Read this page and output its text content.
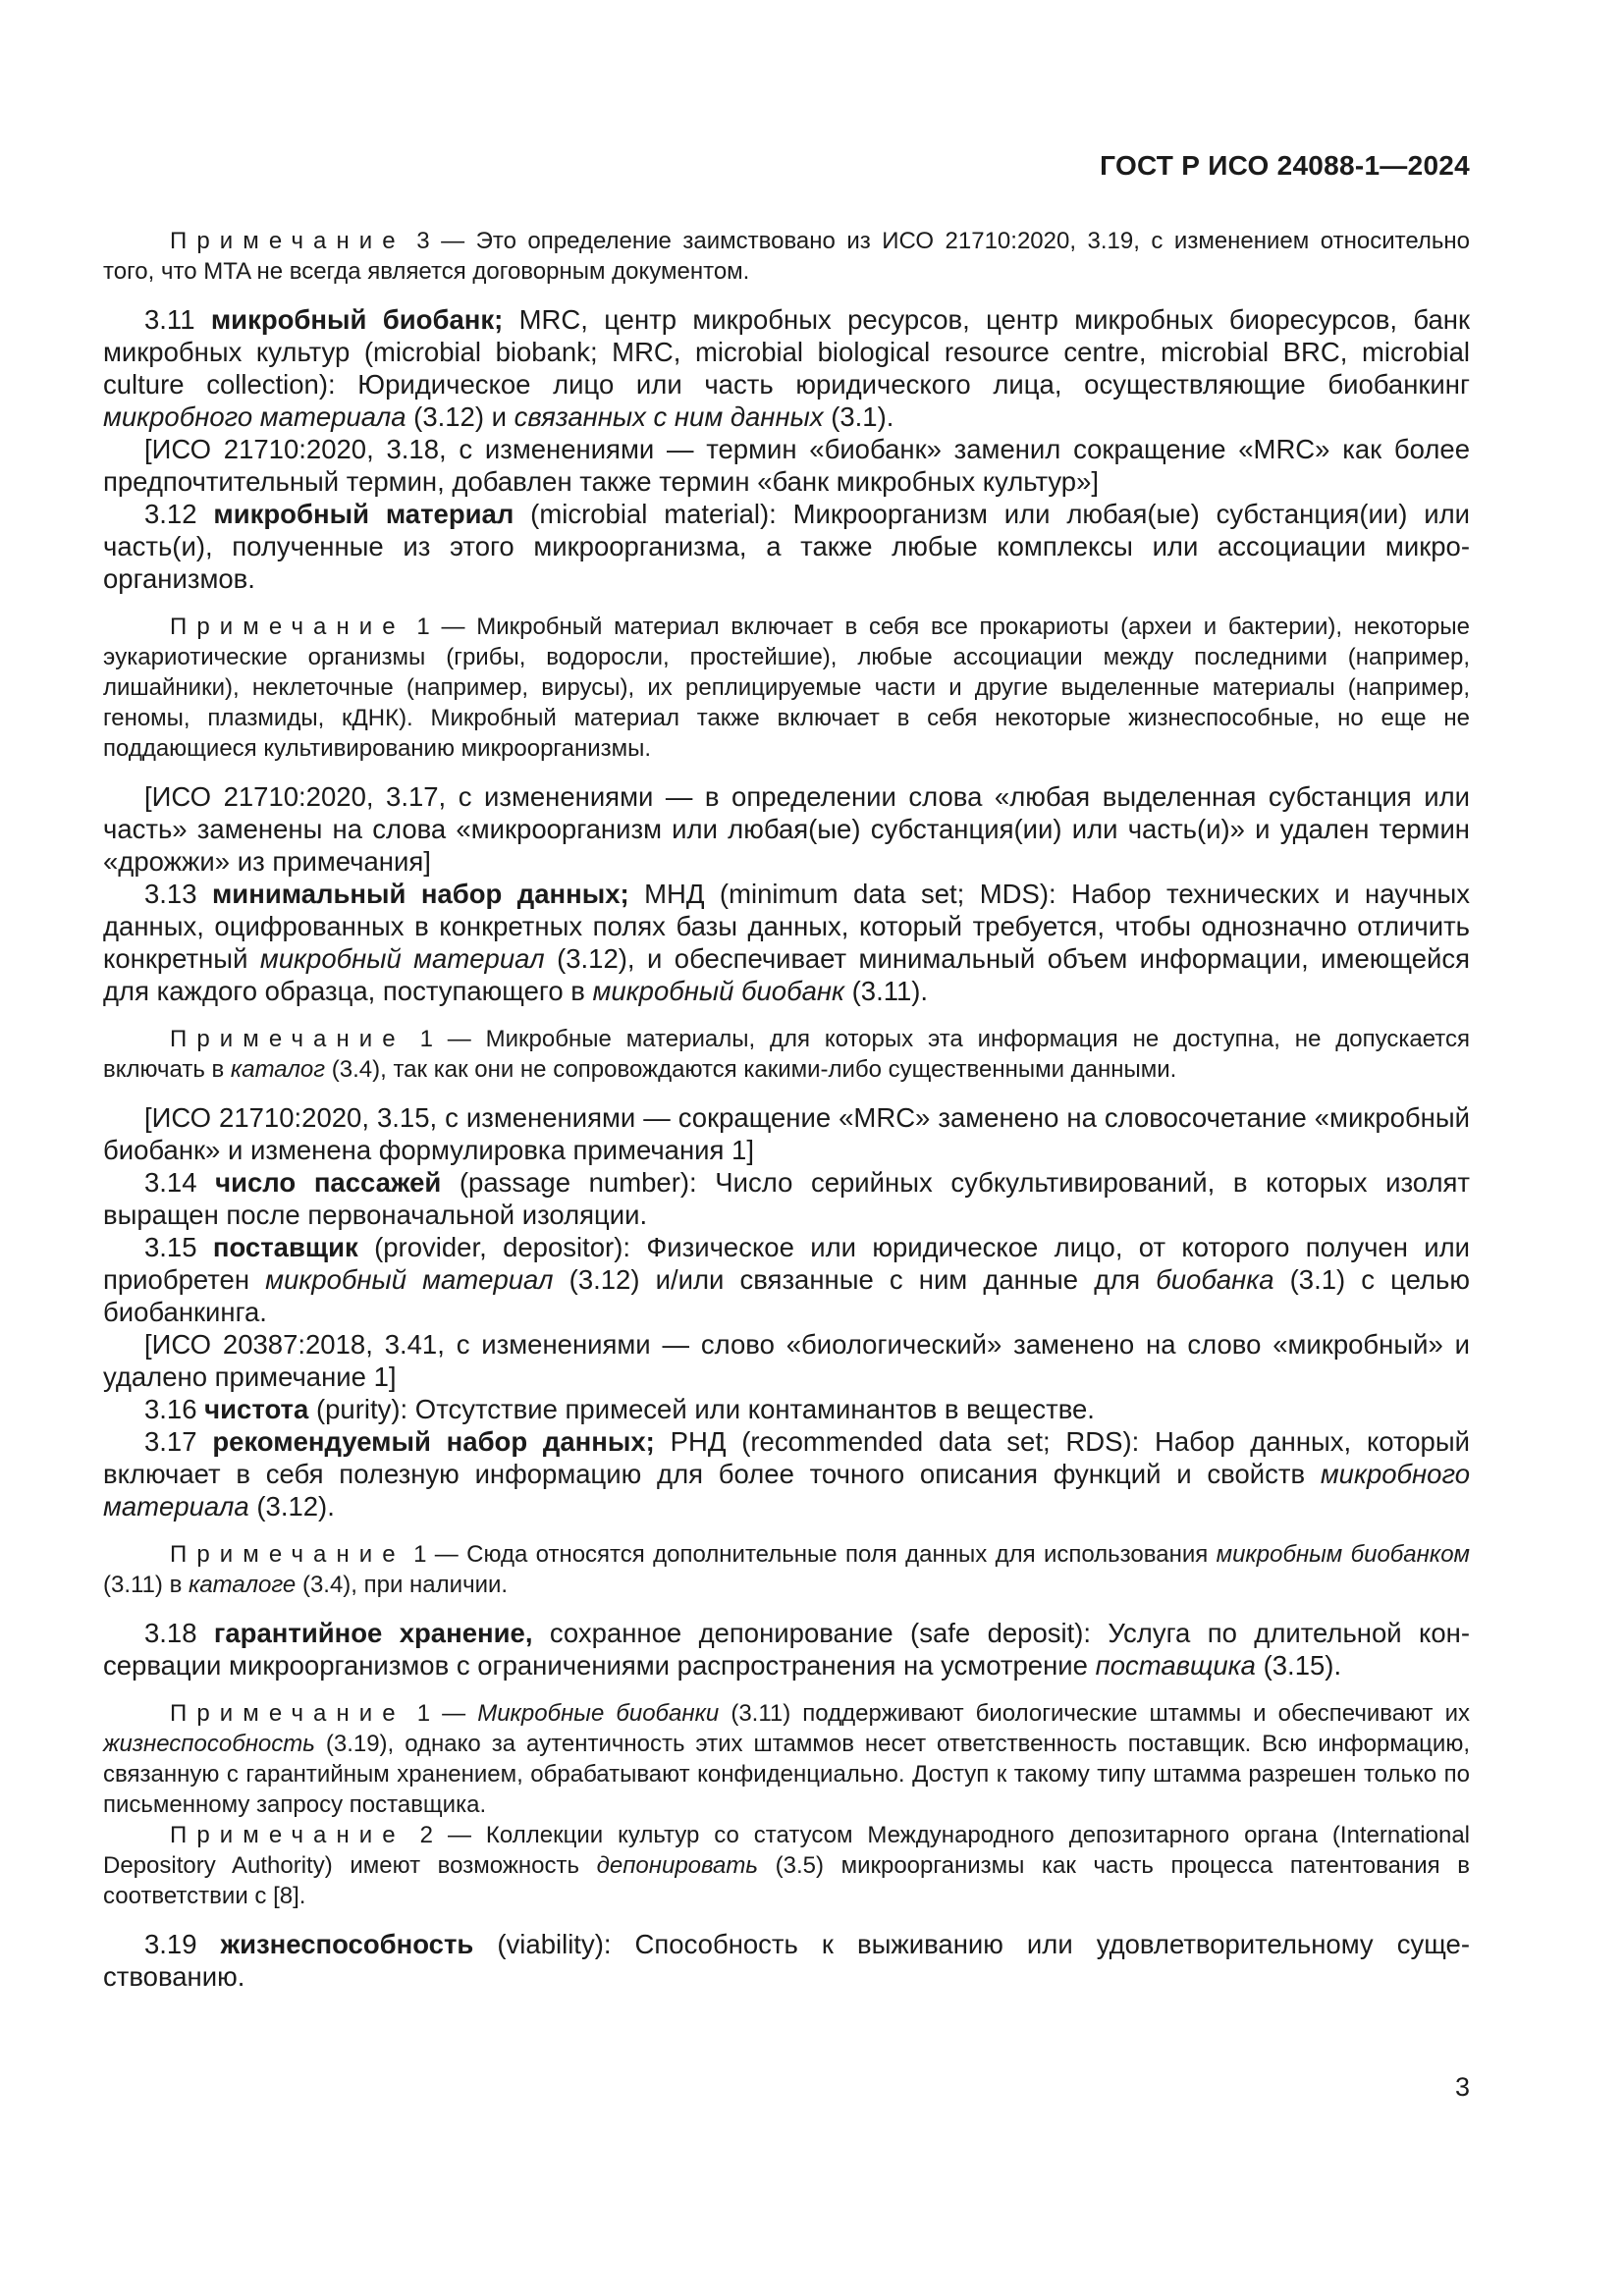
ГОСТ Р ИСО 24088-1—2024

Примечание 3 — Это определение заимствовано из ИСО 21710:2020, 3.19, с изменением относительно того, что MTA не всегда является договорным документом.

3.11 микробный биобанк; MRC, центр микробных ресурсов, центр микробных биоресурсов, банк микробных культур (microbial biobank; MRC, microbial biological resource centre, microbial BRC, microbial culture collection): Юридическое лицо или часть юридического лица, осуществляющие биобанкинг микробного материала (3.12) и связанных с ним данных (3.1).

[ИСО 21710:2020, 3.18, с изменениями — термин «биобанк» заменил сокращение «MRC» как более предпочтительный термин, добавлен также термин «банк микробных культур»]

3.12 микробный материал (microbial material): Микроорганизм или любая(ые) субстанция(ии) или часть(и), полученные из этого микроорганизма, а также любые комплексы или ассоциации микроорганизмов.

Примечание 1 — Микробный материал включает в себя все прокариоты (археи и бактерии), некоторые эукариотические организмы (грибы, водоросли, простейшие), любые ассоциации между последними (например, лишайники), неклеточные (например, вирусы), их реплицируемые части и другие выделенные материалы (например, геномы, плазмиды, кДНК). Микробный материал также включает в себя некоторые жизнеспособные, но еще не поддающиеся культивированию микроорганизмы.

[ИСО 21710:2020, 3.17, с изменениями — в определении слова «любая выделенная субстанция или часть» заменены на слова «микроорганизм или любая(ые) субстанция(ии) или часть(и)» и удален термин «дрожжи» из примечания]

3.13 минимальный набор данных; МНД (minimum data set; MDS): Набор технических и научных данных, оцифрованных в конкретных полях базы данных, который требуется, чтобы однозначно отличить конкретный микробный материал (3.12), и обеспечивает минимальный объем информации, имеющейся для каждого образца, поступающего в микробный биобанк (3.11).

Примечание 1 — Микробные материалы, для которых эта информация не доступна, не допускается включать в каталог (3.4), так как они не сопровождаются какими-либо существенными данными.

[ИСО 21710:2020, 3.15, с изменениями — сокращение «MRC» заменено на словосочетание «микробный биобанк» и изменена формулировка примечания 1]

3.14 число пассажей (passage number): Число серийных субкультивирований, в которых изолят выращен после первоначальной изоляции.

3.15 поставщик (provider, depositor): Физическое или юридическое лицо, от которого получен или приобретен микробный материал (3.12) и/или связанные с ним данные для биобанка (3.1) с целью биобанкинга.

[ИСО 20387:2018, 3.41, с изменениями — слово «биологический» заменено на слово «микробный» и удалено примечание 1]

3.16 чистота (purity): Отсутствие примесей или контаминантов в веществе.

3.17 рекомендуемый набор данных; РНД (recommended data set; RDS): Набор данных, который включает в себя полезную информацию для более точного описания функций и свойств микробного материала (3.12).

Примечание 1 — Сюда относятся дополнительные поля данных для использования микробным биобанком (3.11) в каталоге (3.4), при наличии.

3.18 гарантийное хранение, сохранное депонирование (safe deposit): Услуга по длительной консервации микроорганизмов с ограничениями распространения на усмотрение поставщика (3.15).

Примечание 1 — Микробные биобанки (3.11) поддерживают биологические штаммы и обеспечивают их жизнеспособность (3.19), однако за аутентичность этих штаммов несет ответственность поставщик. Всю информацию, связанную с гарантийным хранением, обрабатывают конфиденциально. Доступ к такому типу штамма разрешен только по письменному запросу поставщика.

Примечание 2 — Коллекции культур со статусом Международного депозитарного органа (International Depository Authority) имеют возможность депонировать (3.5) микроорганизмы как часть процесса патентования в соответствии с [8].

3.19 жизнеспособность (viability): Способность к выживанию или удовлетворительному существованию.

3
